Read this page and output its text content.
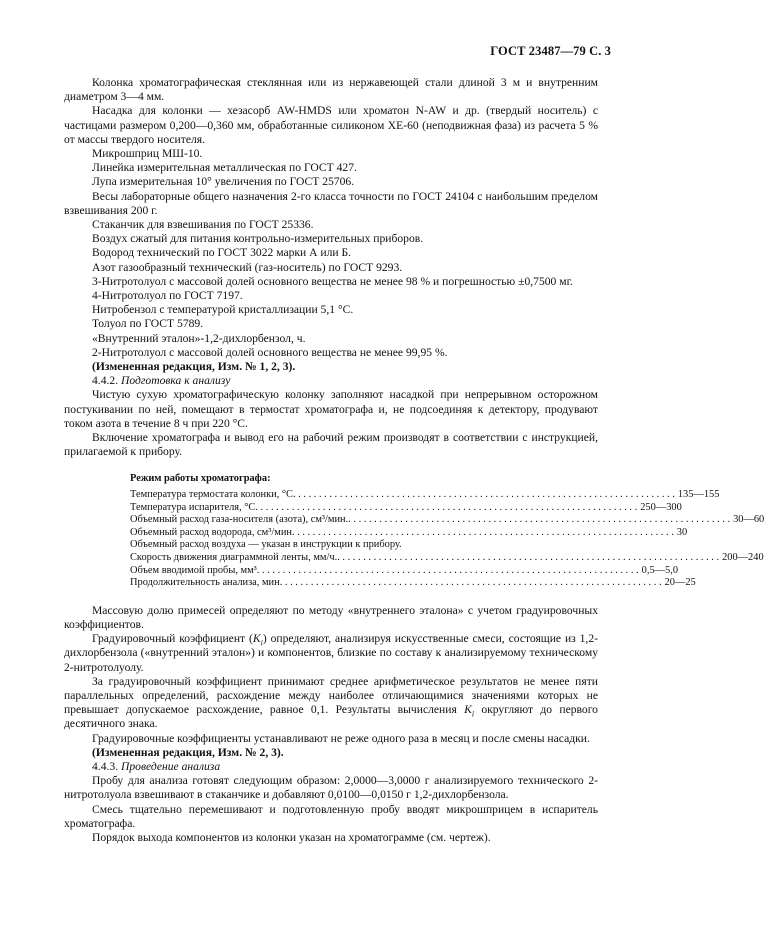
ГОСТ 23487—79 С. 3

Колонка хроматографическая стеклянная или из нержавеющей стали длиной 3 м и внутренним диаметром 3—4 мм.

Насадка для колонки — хезасорб AW-HMDS или хроматон N-AW и др. (твердый носитель) с частицами размером 0,200—0,360 мм, обработанные силиконом ХЕ-60 (неподвижная фаза) из расчета 5 % от массы твердого носителя.

Микрошприц МШ-10.

Линейка измерительная металлическая по ГОСТ 427.

Лупа измерительная 10° увеличения по ГОСТ 25706.

Весы лабораторные общего назначения 2-го класса точности по ГОСТ 24104 с наибольшим пределом взвешивания 200 г.

Стаканчик для взвешивания по ГОСТ 25336.

Воздух сжатый для питания контрольно-измерительных приборов.

Водород технический по ГОСТ 3022 марки А или Б.

Азот газообразный технический (газ-носитель) по ГОСТ 9293.

3-Нитротолуол с массовой долей основного вещества не менее 98 % и погрешностью ±0,7500 мг.

4-Нитротолуол по ГОСТ 7197.

Нитробензол с температурой кристаллизации 5,1 °С.

Толуол по ГОСТ 5789.

«Внутренний эталон»-1,2-дихлорбензол, ч.

2-Нитротолуол с массовой долей основного вещества не менее 99,95 %.

(Измененная редакция, Изм. № 1, 2, 3).

4.4.2. Подготовка к анализу

Чистую сухую хроматографическую колонку заполняют насадкой при непрерывном осторожном постукивании по ней, помещают в термостат хроматографа и, не подсоединяя к детектору, продувают током азота в течение 8 ч при 220 °С.

Включение хроматографа и вывод его на рабочий режим производят в соответствии с инструкцией, прилагаемой к прибору.

Режим работы хроматографа:
Температура термостата колонки, °С . . .	135—155
Температура испарителя, °С . . .	250—300
Объемный расход газа-носителя (азота), см³/мин. . . .	30—60
Объемный расход водорода, см³/мин . . .	30
Объемный расход воздуха — указан в инструкции к прибору.
Скорость движения диаграммной ленты, мм/ч. . . .	200—240
Объем вводимой пробы, мм³ . . .	0,5—5,0
Продолжительность анализа, мин . . .	20—25

Массовую долю примесей определяют по методу «внутреннего эталона» с учетом градуировочных коэффициентов.

Градуировочный коэффициент $(K_i)$ определяют, анализируя искусственные смеси, состоящие из 1,2-дихлорбензола («внутренний эталон») и компонентов, близкие по составу к анализируемому техническому 2-нитротолуолу.

За градуировочный коэффициент принимают среднее арифметическое результатов не менее пяти параллельных определений, расхождение между наиболее отличающимися значениями которых не превышает допускаемое расхождение, равное 0,1. Результаты вычисления $K_i$ округляют до первого десятичного знака.

Градуировочные коэффициенты устанавливают не реже одного раза в месяц и после смены насадки.

(Измененная редакция, Изм. № 2, 3).

4.4.3. Проведение анализа

Пробу для анализа готовят следующим образом: 2,0000—3,0000 г анализируемого технического 2-нитротолуола взвешивают в стаканчике и добавляют 0,0100—0,0150 г 1,2-дихлорбензола.

Смесь тщательно перемешивают и подготовленную пробу вводят микрошприцем в испаритель хроматографа.

Порядок выхода компонентов из колонки указан на хроматограмме (см. чертеж).
